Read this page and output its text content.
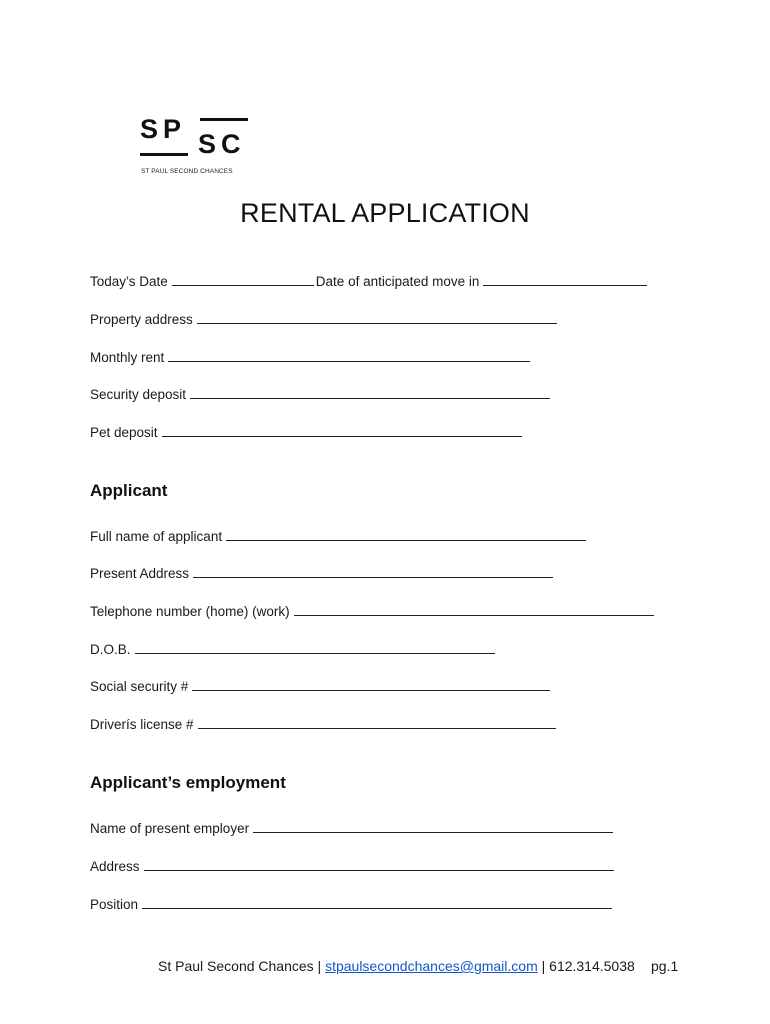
SP SC
ST PAUL SECOND CHANCES
RENTAL APPLICATION
Today’s Date	Date of anticipated move in
Property address
Monthly rent
Security deposit
Pet deposit
Applicant
Full name of applicant
Present Address
Telephone number (home) (work)
D.O.B.
Social security #
Driverís license #
Applicant’s employment
Name of present employer
Address
Position
St Paul Second Chances | stpaulsecondchances@gmail.com | 612.314.5038 pg.1
